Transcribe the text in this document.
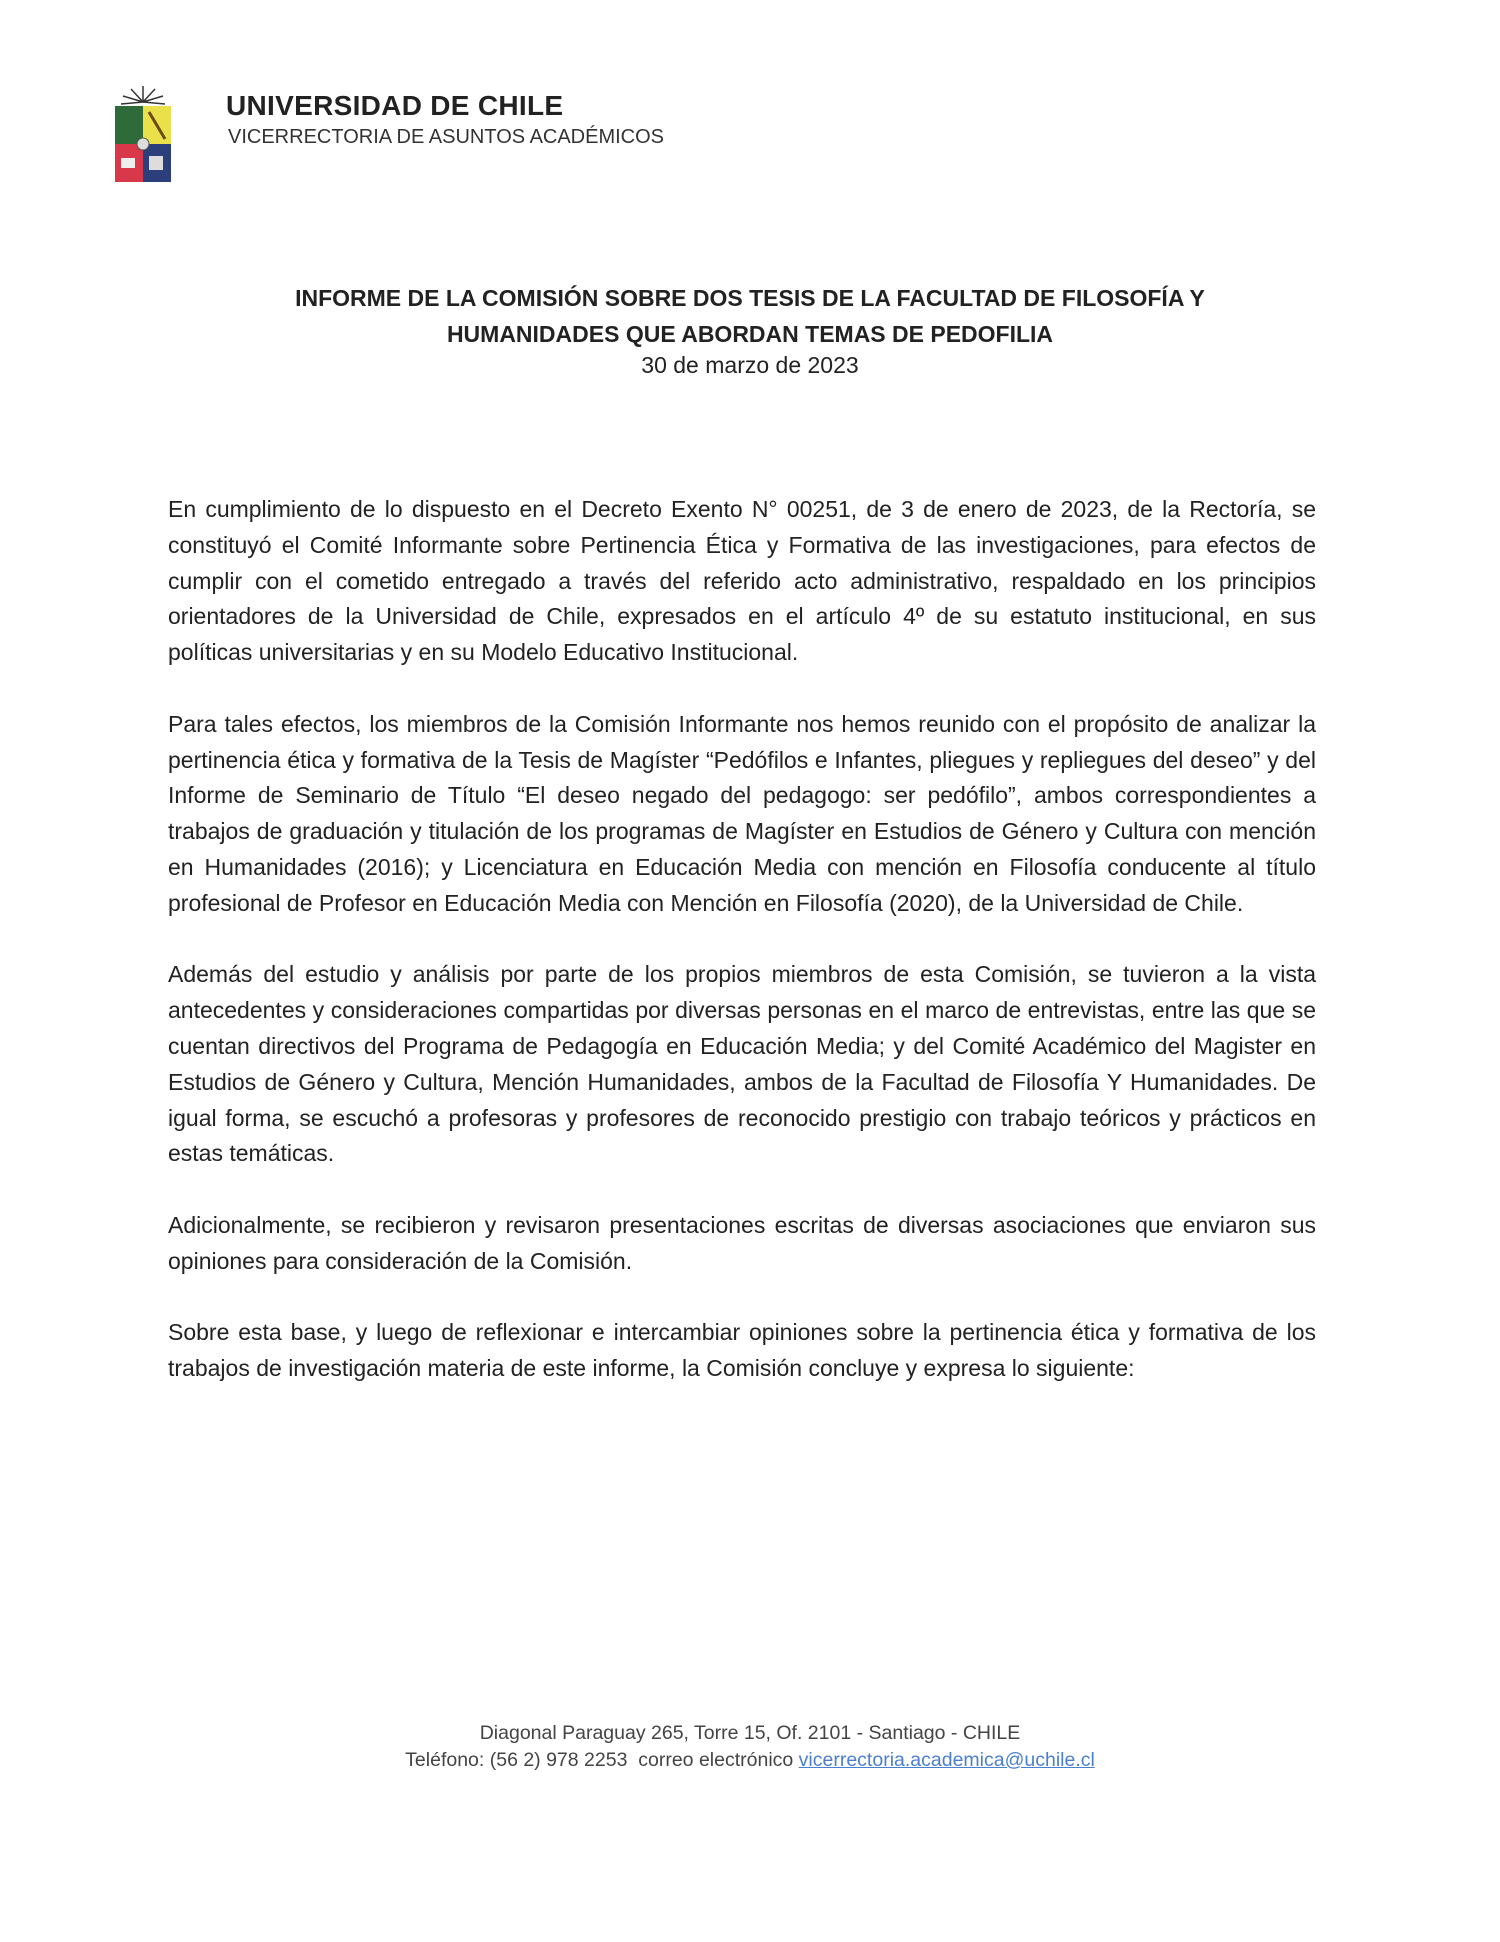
UNIVERSIDAD DE CHILE
VICERRECTORIA DE ASUNTOS ACADÉMICOS
INFORME DE LA COMISIÓN SOBRE DOS TESIS DE LA FACULTAD DE FILOSOFÍA Y
HUMANIDADES QUE ABORDAN TEMAS DE PEDOFILIA
30 de marzo de 2023

En cumplimiento de lo dispuesto en el Decreto Exento N° 00251, de 3 de enero de 2023, de la Rectoría, se constituyó el Comité Informante sobre Pertinencia Ética y Formativa de las investigaciones, para efectos de cumplir con el cometido entregado a través del referido acto administrativo, respaldado en los principios orientadores de la Universidad de Chile, expresados en el artículo 4º de su estatuto institucional, en sus políticas universitarias y en su Modelo Educativo Institucional.

Para tales efectos, los miembros de la Comisión Informante nos hemos reunido con el propósito de analizar la pertinencia ética y formativa de la Tesis de Magíster “Pedófilos e Infantes, pliegues y repliegues del deseo” y del Informe de Seminario de Título “El deseo negado del pedagogo: ser pedófilo”, ambos correspondientes a trabajos de graduación y titulación de los programas de Magíster en Estudios de Género y Cultura con mención en Humanidades (2016); y Licenciatura en Educación Media con mención en Filosofía conducente al título profesional de Profesor en Educación Media con Mención en Filosofía (2020), de la Universidad de Chile.

Además del estudio y análisis por parte de los propios miembros de esta Comisión, se tuvieron a la vista antecedentes y consideraciones compartidas por diversas personas en el marco de entrevistas, entre las que se cuentan directivos del Programa de Pedagogía en Educación Media; y del Comité Académico del Magister en Estudios de Género y Cultura, Mención Humanidades, ambos de la Facultad de Filosofía Y Humanidades. De igual forma, se escuchó a profesoras y profesores de reconocido prestigio con trabajo teóricos y prácticos en estas temáticas.

Adicionalmente, se recibieron y revisaron presentaciones escritas de diversas asociaciones que enviaron sus opiniones para consideración de la Comisión.

Sobre esta base, y luego de reflexionar e intercambiar opiniones sobre la pertinencia ética y formativa de los trabajos de investigación materia de este informe, la Comisión concluye y expresa lo siguiente:

Diagonal Paraguay 265, Torre 15, Of. 2101 - Santiago - CHILE
Teléfono: (56 2) 978 2253  correo electrónico vicerrectoria.academica@uchile.cl
